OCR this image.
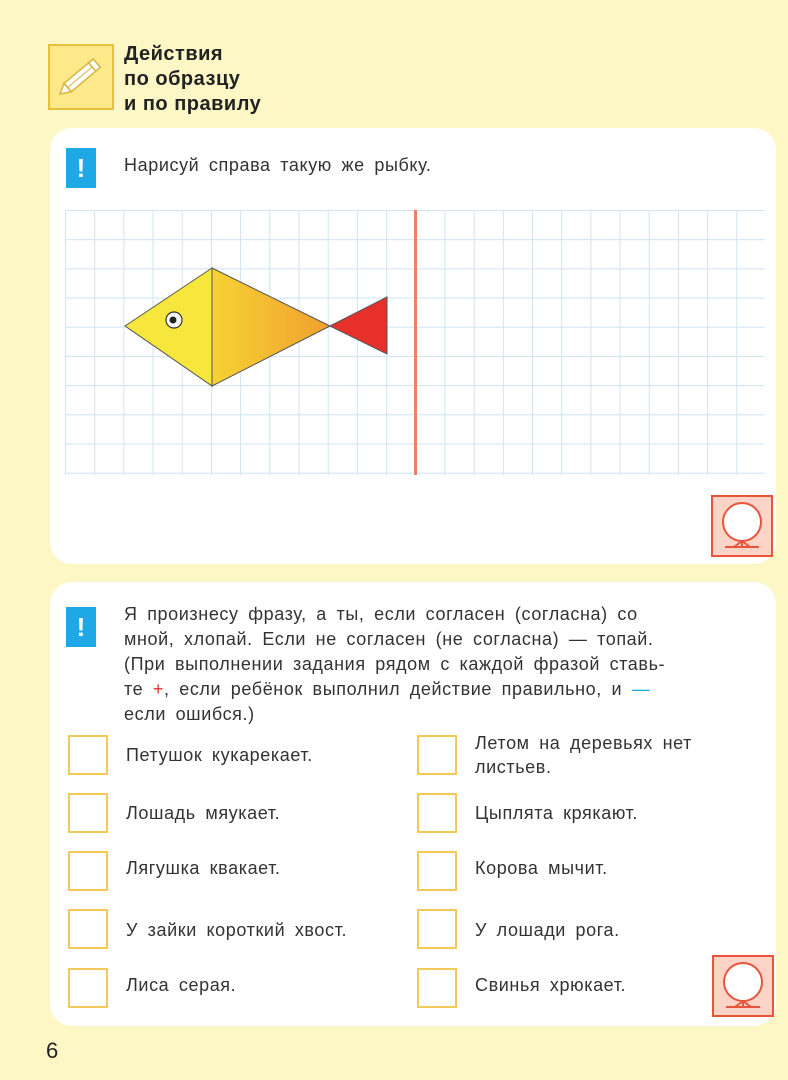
Действия
по образцу
и по правилу
!	Нарисуй справа такую же рыбку.
!	Я произнесу фразу, а ты, если согласен (согласна) со
мной, хлопай. Если не согласен (не согласна) — топай.
(При выполнении задания рядом с каждой фразой ставь-
те +, если ребёнок выполнил действие правильно, и —
если ошибся.)
Петушок кукарекает.
Лошадь мяукает.
Лягушка квакает.
У зайки короткий хвост.
Лиса серая.
Летом на деревьях нет
листьев.
Цыплята крякают.
Корова мычит.
У лошади рога.
Свинья хрюкает.
6
